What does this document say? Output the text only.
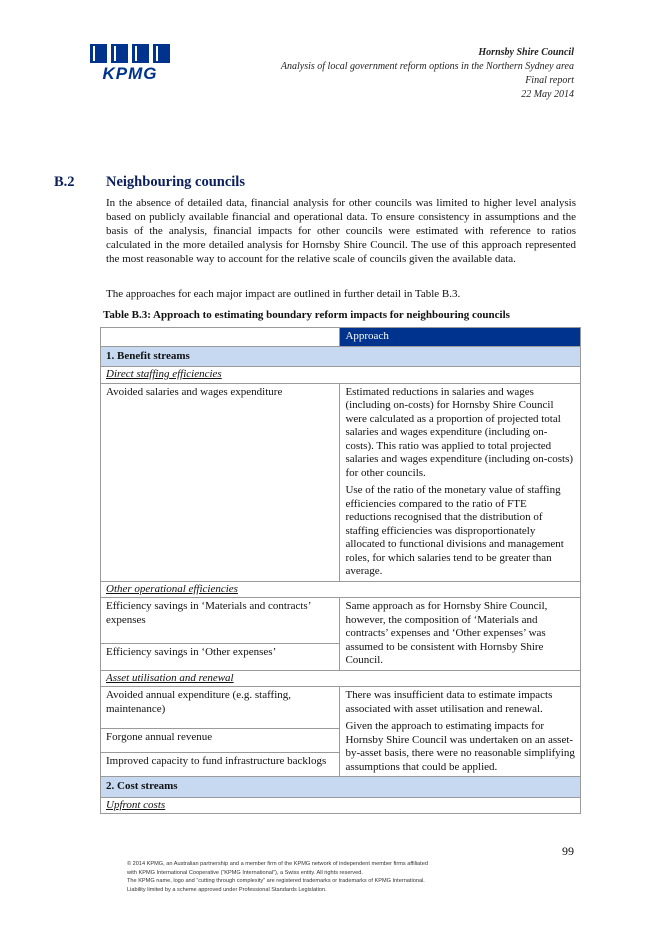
KPMG
Hornsby Shire Council
Analysis of local government reform options in the Northern Sydney area
Final report
22 May 2014
B.2 Neighbouring councils
In the absence of detailed data, financial analysis for other councils was limited to higher level analysis based on publicly available financial and operational data. To ensure consistency in assumptions and the basis of the analysis, financial impacts for other councils were estimated with reference to ratios calculated in the more detailed analysis for Hornsby Shire Council. The use of this approach represented the most reasonable way to account for the relative scale of councils given the available data.
The approaches for each major impact are outlined in further detail in Table B.3.
Table B.3: Approach to estimating boundary reform impacts for neighbouring councils
	Approach
1. Benefit streams	
Direct staffing efficiencies	
Avoided salaries and wages expenditure	Estimated reductions in salaries and wages (including on-costs) for Hornsby Shire Council were calculated as a proportion of projected total salaries and wages expenditure (including on-costs). This ratio was applied to total projected salaries and wages expenditure (including on-costs) for other councils.

Use of the ratio of the monetary value of staffing efficiencies compared to the ratio of FTE reductions recognised that the distribution of staffing efficiencies was disproportionately allocated to functional divisions and management roles, for which salaries tend to be greater than average.

Other operational efficiencies	
Efficiency savings in ‘Materials and contracts’ expenses	Same approach as for Hornsby Shire Council, however, the composition of ‘Materials and contracts’ expenses and ‘Other expenses’ was assumed to be consistent with Hornsby Shire Council.
Efficiency savings in ‘Other expenses’	
Asset utilisation and renewal	
Avoided annual expenditure (e.g. staffing, maintenance)	There was insufficient data to estimate impacts associated with asset utilisation and renewal.

Given the approach to estimating impacts for Hornsby Shire Council was undertaken on an asset-by-asset basis, there were no reasonable simplifying assumptions that could be applied.

Forgone annual revenue	
Improved capacity to fund infrastructure backlogs	
2. Cost streams	
Upfront costs	
99
© 2014 KPMG, an Australian partnership and a member firm of the KPMG network of independent member firms affiliated
with KPMG International Cooperative (“KPMG International”), a Swiss entity. All rights reserved.
The KPMG name, logo and “cutting through complexity” are registered trademarks or trademarks of KPMG International.
Liability limited by a scheme approved under Professional Standards Legislation.
